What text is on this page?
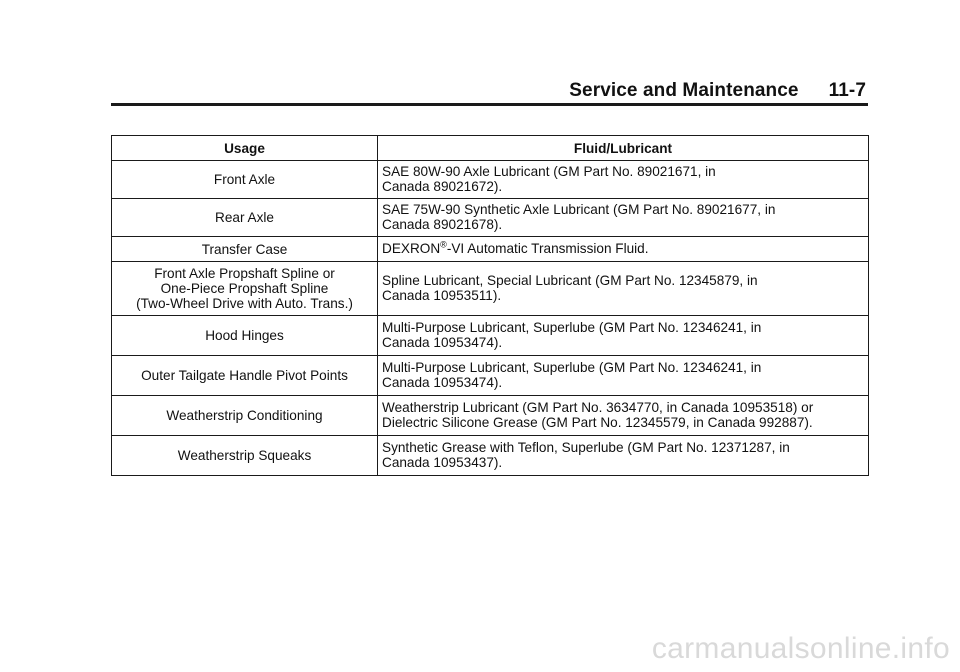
Service and Maintenance 11-7
Usage	Fluid/Lubricant
Front Axle	SAE 80W-90 Axle Lubricant (GM Part No. 89021671, in
Canada 89021672).
Rear Axle	SAE 75W-90 Synthetic Axle Lubricant (GM Part No. 89021677, in
Canada 89021678).
Transfer Case	DEXRON®-VI Automatic Transmission Fluid.
Front Axle Propshaft Spline or
One-Piece Propshaft Spline
(Two-Wheel Drive with Auto. Trans.)	Spline Lubricant, Special Lubricant (GM Part No. 12345879, in
Canada 10953511).
Hood Hinges	Multi-Purpose Lubricant, Superlube (GM Part No. 12346241, in
Canada 10953474).
Outer Tailgate Handle Pivot Points	Multi-Purpose Lubricant, Superlube (GM Part No. 12346241, in
Canada 10953474).
Weatherstrip Conditioning	Weatherstrip Lubricant (GM Part No. 3634770, in Canada 10953518) or
Dielectric Silicone Grease (GM Part No. 12345579, in Canada 992887).
Weatherstrip Squeaks	Synthetic Grease with Teflon, Superlube (GM Part No. 12371287, in
Canada 10953437).
carmanualsonline.info
